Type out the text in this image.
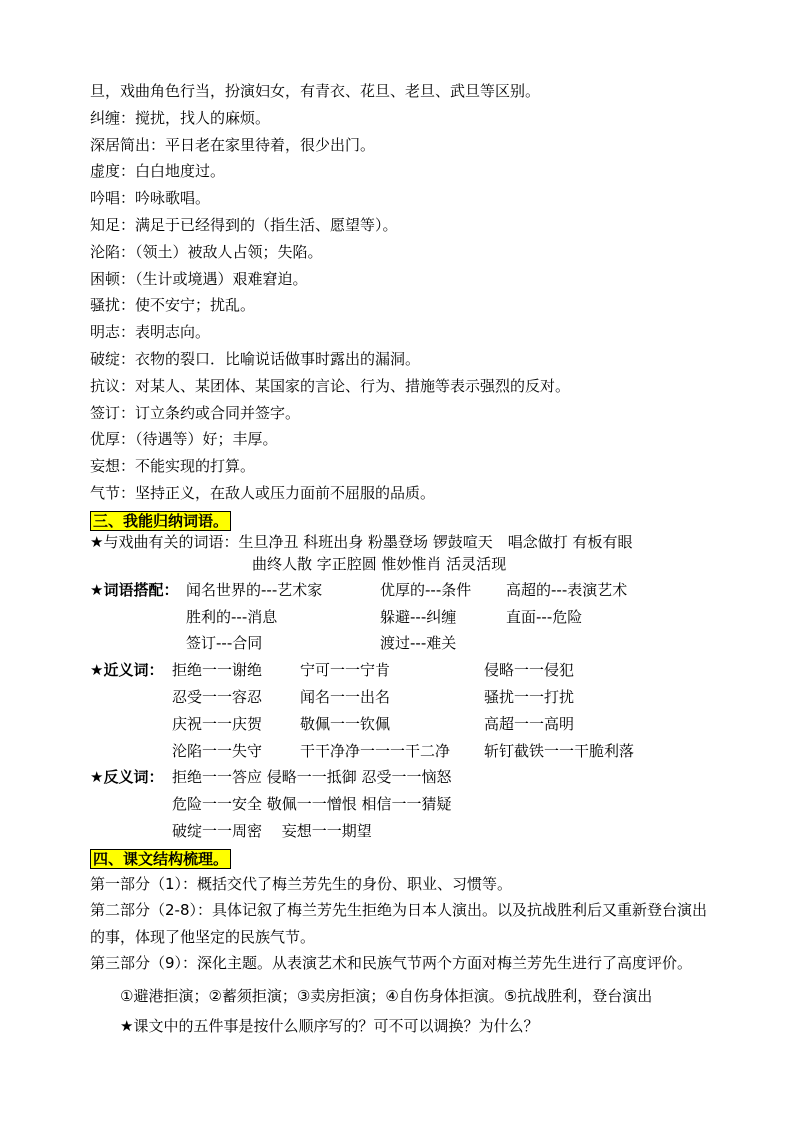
旦，戏曲角色行当，扮演妇女，有青衣、花旦、老旦、武旦等区别。
纠缠：搅扰，找人的麻烦。
深居简出：平日老在家里待着，很少出门。
虚度：白白地度过。
吟唱：吟咏歌唱。
知足：满足于已经得到的（指生活、愿望等）。
沦陷：（领土）被敌人占领；失陷。
困顿：（生计或境遇）艰难窘迫。
骚扰：使不安宁；扰乱。
明志：表明志向。
破绽：衣物的裂口．比喻说话做事时露出的漏洞。
抗议：对某人、某团体、某国家的言论、行为、措施等表示强烈的反对。
签订：订立条约或合同并签字。
优厚：（待遇等）好；丰厚。
妄想：不能实现的打算。
气节：坚持正义，在敌人或压力面前不屈服的品质。
三、我能归纳词语。
★与戏曲有关的词语： 生旦净丑 科班出身 粉墨登场 锣鼓喧天　唱念做打 有板有眼
曲终人散 字正腔圆 惟妙惟肖 活灵活现
★词语搭配： 闻名世界的---艺术家	优厚的---条件	高超的---表演艺术
胜利的---消息	躲避---纠缠	直面---危险
签订---合同	渡过---难关
★近义词： 拒绝一一谢绝	宁可一一宁肯	侵略一一侵犯
忍受一一容忍	闻名一一出名	骚扰一一打扰
庆祝一一庆贺	敬佩一一钦佩	高超一一高明
沦陷一一失守	干干净净一一一干二净	斩钉截铁一一干脆利落
★反义词： 拒绝一一答应 侵略一一抵御 忍受一一恼怒
危险一一安全 敬佩一一憎恨 相信一一猜疑
破绽一一周密　 妄想一一期望
四、课文结构梳理。
第一部分（1）：概括交代了梅兰芳先生的身份、职业、习惯等。
第二部分（2-8）：具体记叙了梅兰芳先生拒绝为日本人演出。以及抗战胜利后又重新登台演出的事，体现了他坚定的民族气节。
第三部分（9）：深化主题。从表演艺术和民族气节两个方面对梅兰芳先生进行了高度评价。
①避港拒演；②蓄须拒演；③卖房拒演；④自伤身体拒演。⑤抗战胜利，登台演出
★课文中的五件事是按什么顺序写的？可不可以调换？为什么？
